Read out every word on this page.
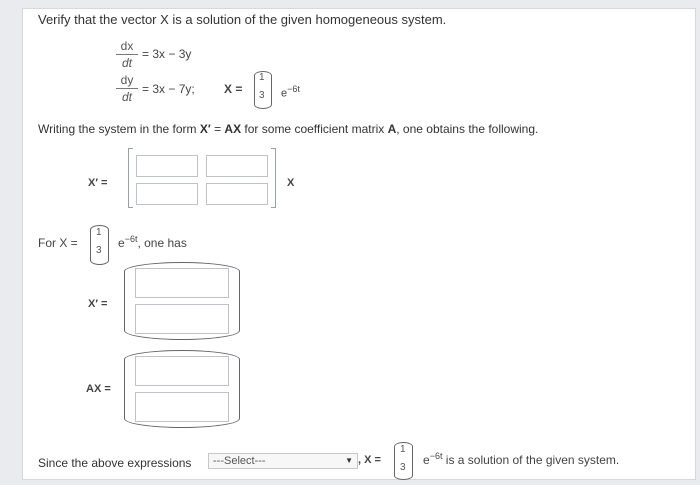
Verify that the vector X is a solution of the given homogeneous system.
dx
dt
= 3x − 3y
dy
dt
= 3x − 7y; X =
1
3 $e^{-6t}$
Writing the system in the form X′ = AX for some coefficient matrix A, one obtains the following.
X′ =	X
For X =
1
3
$e^{-6t}$, one has
X′ =
AX =
Since the above expressions	---Select---	▼ , X =
1
3
$e^{-6t}$ is a solution of the given system.
